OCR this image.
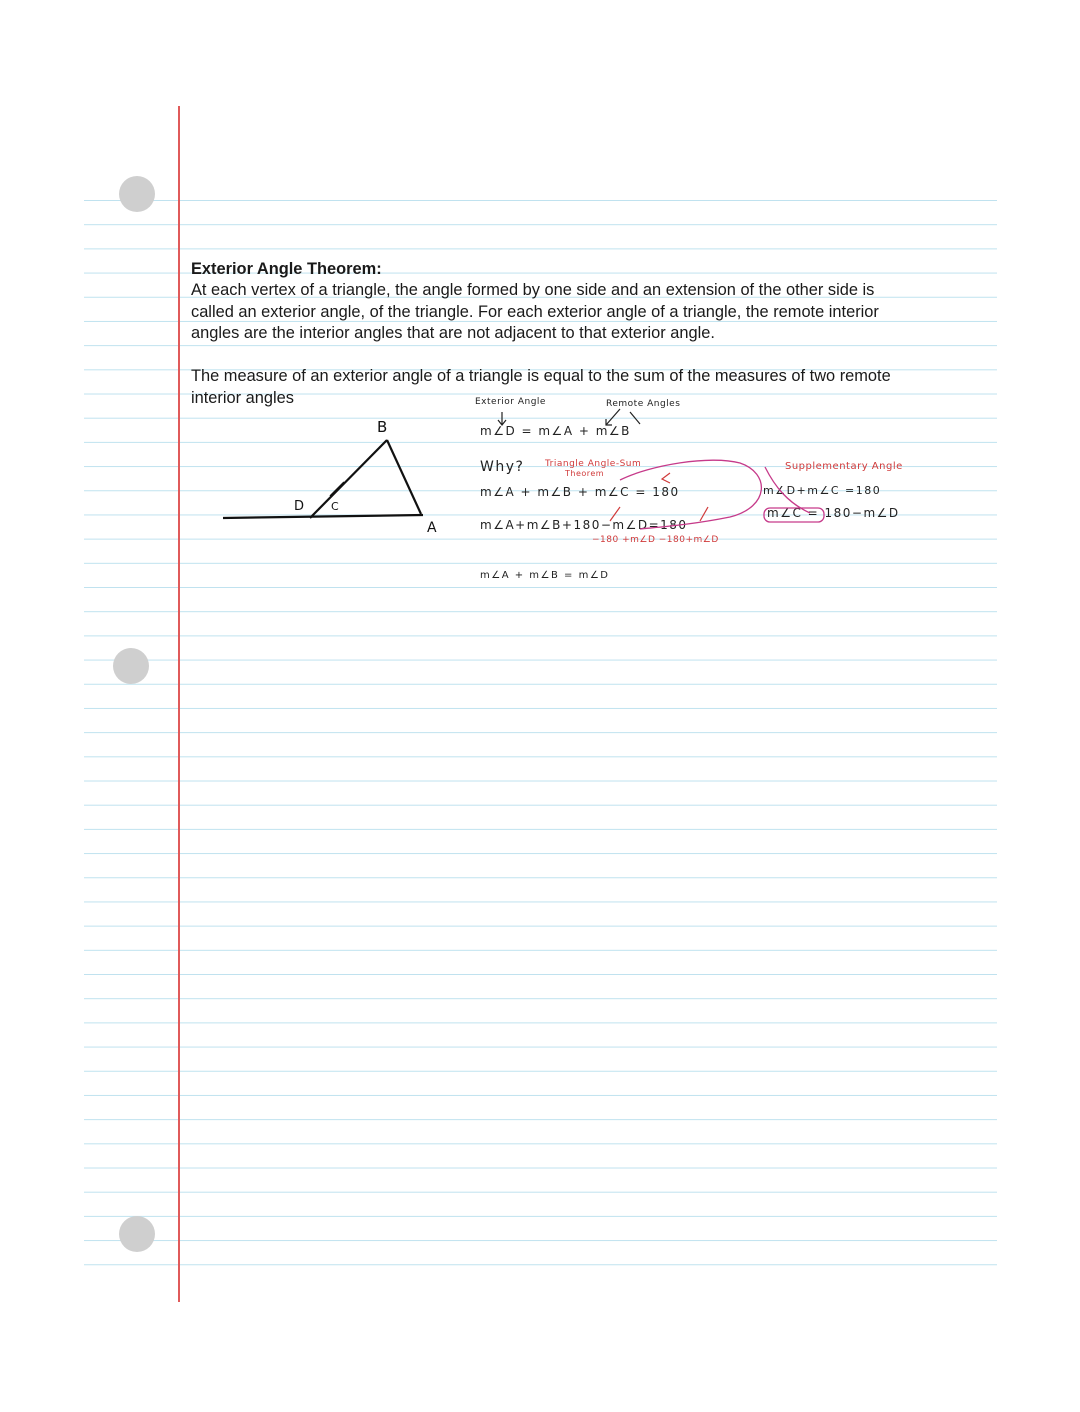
Exterior Angle Theorem:
At each vertex of a triangle, the angle formed by one side and an extension of the other side is
called an exterior angle, of the triangle. For each exterior angle of a triangle, the remote interior
angles are the interior angles that are not adjacent to that exterior angle.
The measure of an exterior angle of a triangle is equal to the sum of the measures of two remote
interior angles
B
A
D C
Exterior Angle	Remote Angles
m∠D = m∠A + m∠B
Why? Triangle Angle-Sum
Theorem
m∠A + m∠B + m∠C = 180
m∠A+m∠B+180−m∠D=180
−180 +m∠D −180+m∠D
m∠A + m∠B = m∠D
Supplementary Angle
m∠D+m∠C =180
m∠C = 180−m∠D
